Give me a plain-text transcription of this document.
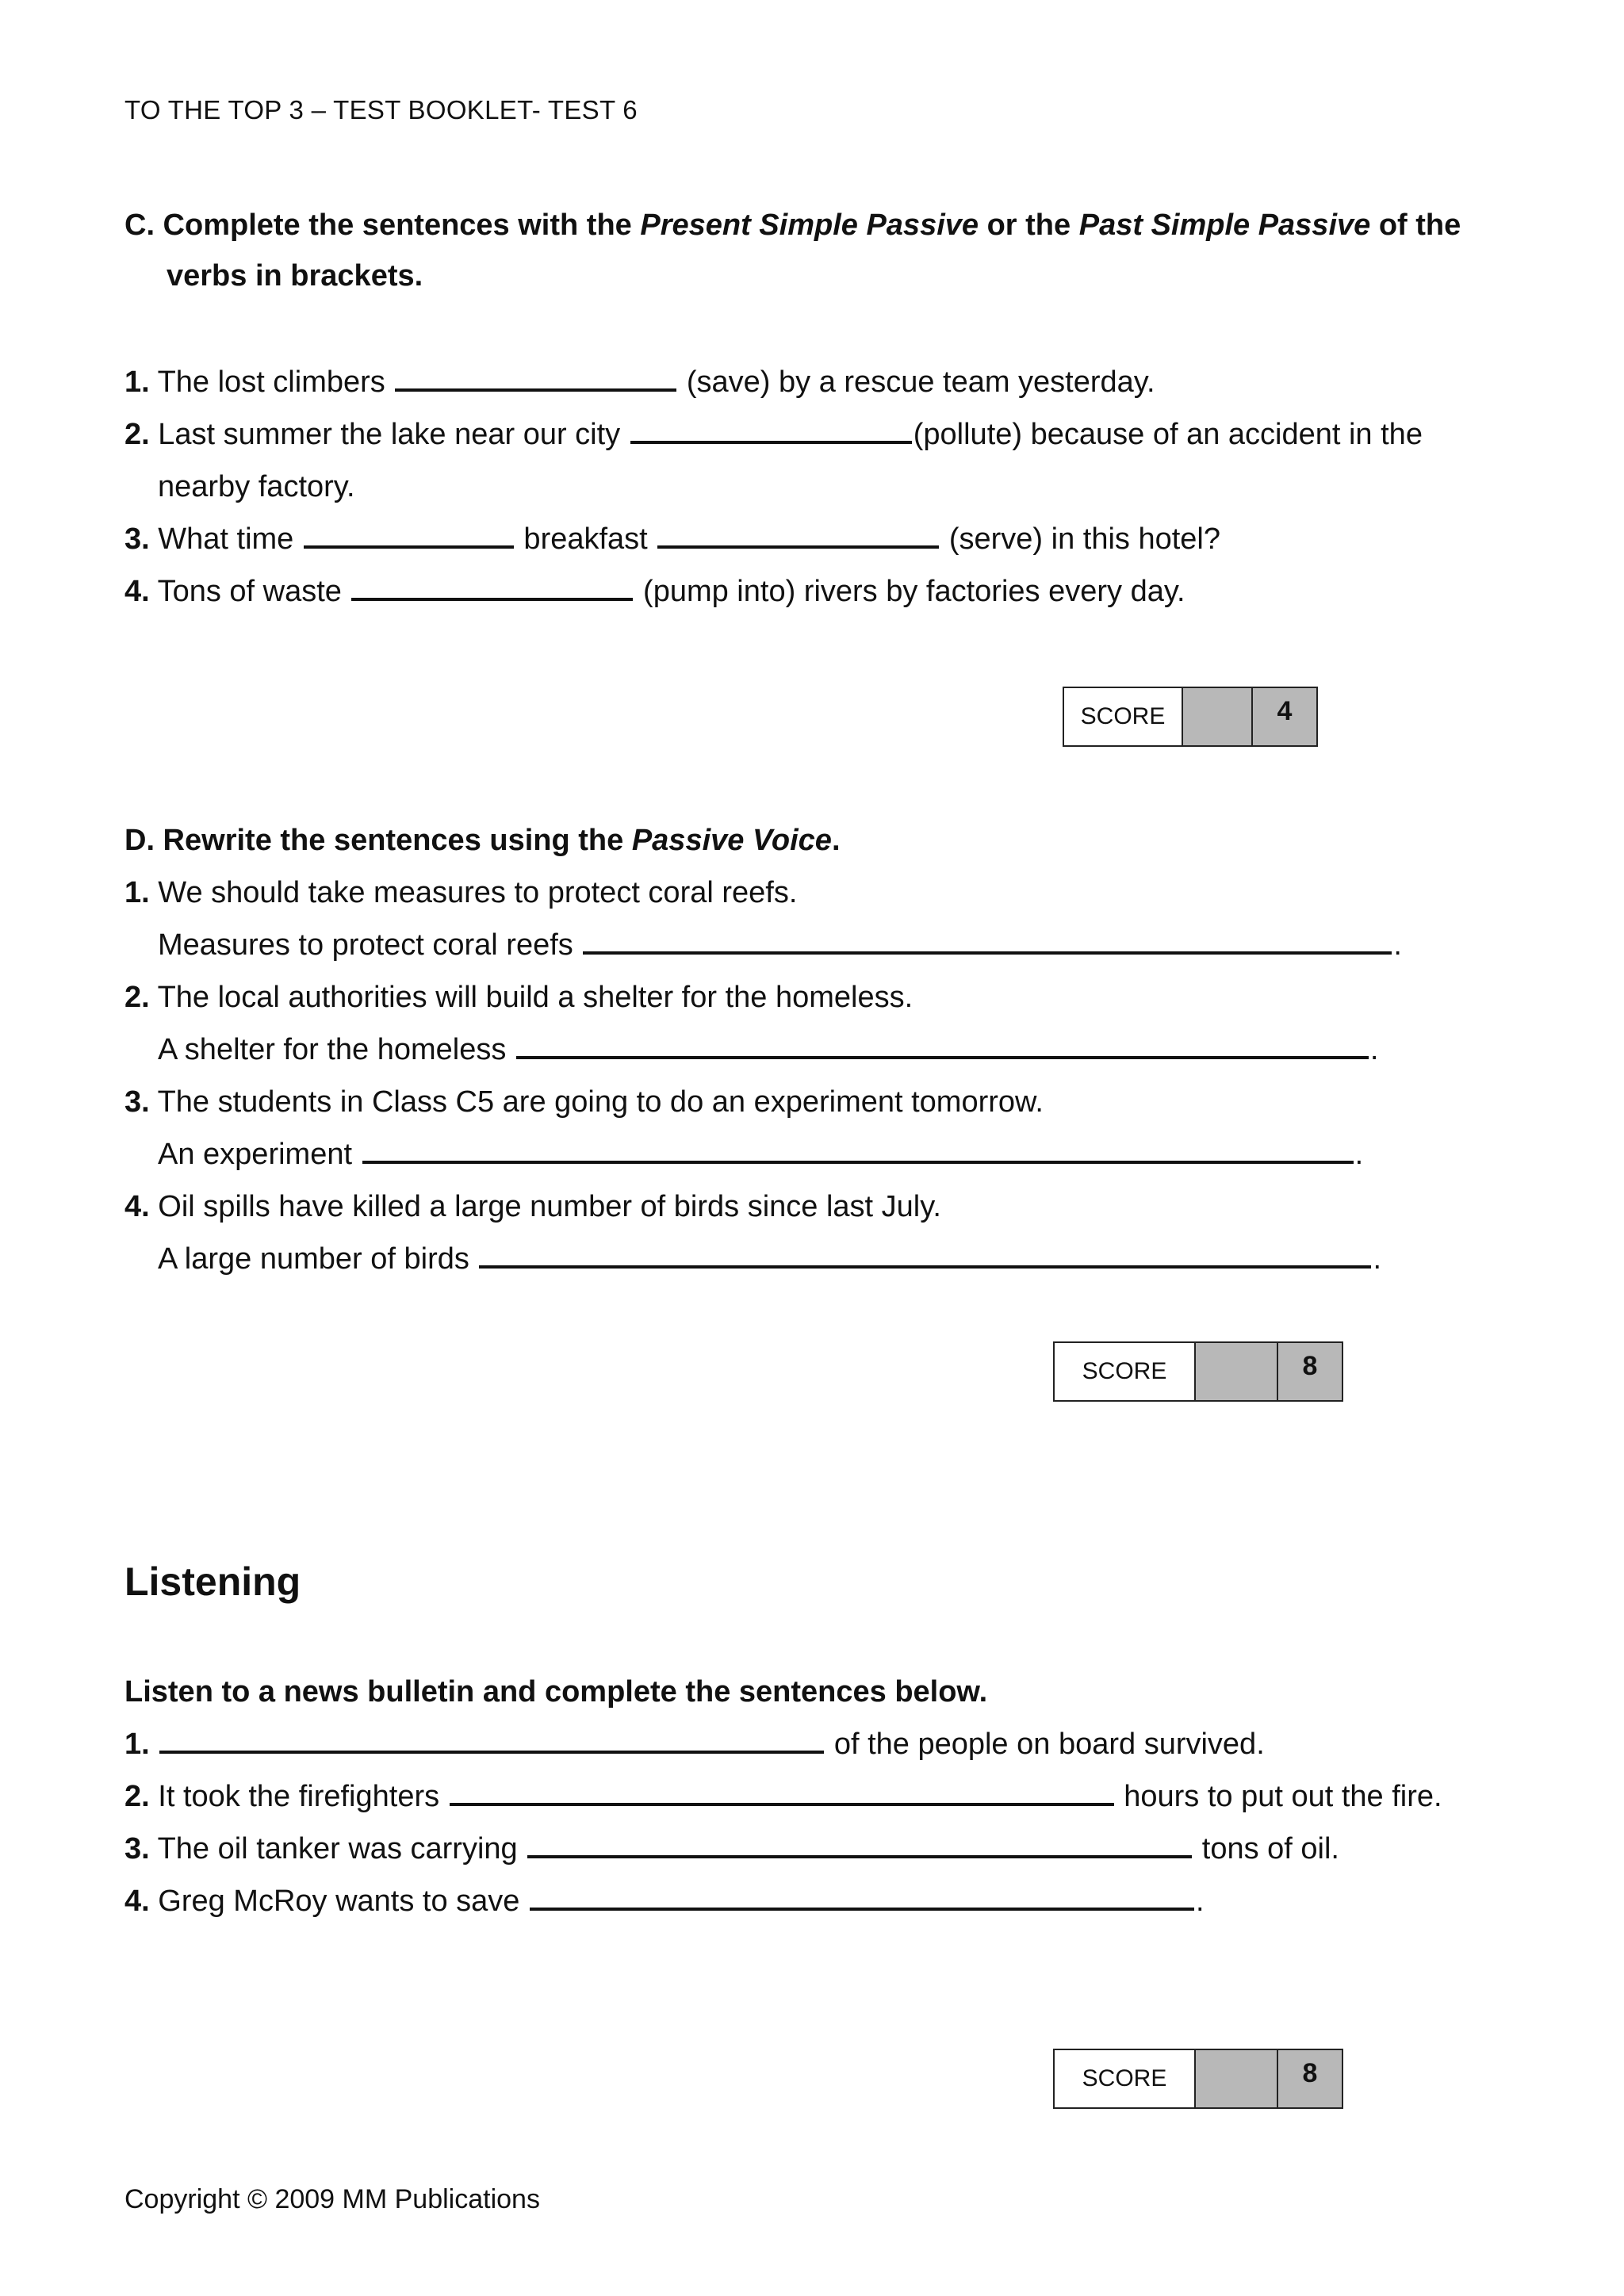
TO THE TOP 3 – TEST BOOKLET- TEST 6
C. Complete the sentences with the Present Simple Passive or the Past Simple Passive of the
verbs in brackets.
1. The lost climbers	(save) by a rescue team yesterday.
2. Last summer the lake near our city	(pollute) because of an accident in the
nearby factory.
3. What time	breakfast	(serve) in this hotel?
4. Tons of waste	(pump into) rivers by factories every day.
SCORE	4
D. Rewrite the sentences using the Passive Voice.
1. We should take measures to protect coral reefs.
Measures to protect coral reefs	.
2. The local authorities will build a shelter for the homeless.
A shelter for the homeless	.
3. The students in Class C5 are going to do an experiment tomorrow.
An experiment	.
4. Oil spills have killed a large number of birds since last July.
A large number of birds	.
SCORE	8
Listening
Listen to a news bulletin and complete the sentences below.
1.	of the people on board survived.
2. It took the firefighters	hours to put out the fire.
3. The oil tanker was carrying	tons of oil.
4. Greg McRoy wants to save	.
SCORE	8
Copyright © 2009 MM Publications
